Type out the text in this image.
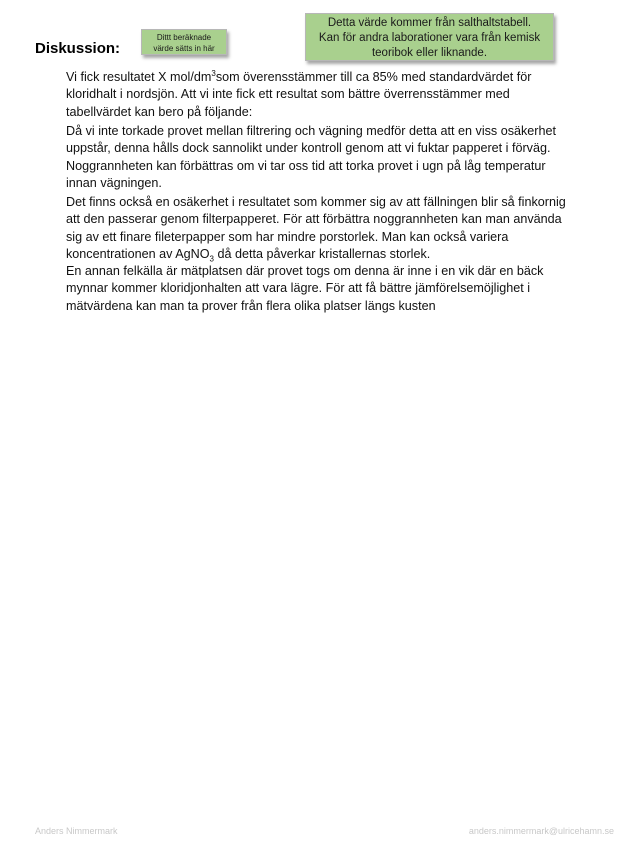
Diskussion:
Dittt beräknade
värde sätts in här
Detta värde kommer från salthaltstabell.
Kan för andra laborationer vara från kemisk
teoribok eller liknande.
Vi fick resultatet X mol/$dm^3som$ överensstämmer till ca 85% med standardvärdet för
kloridhalt i nordsjön. Att vi inte fick ett resultat som bättre överrensstämmer med
tabellvärdet kan bero på följande:
Då vi inte torkade provet mellan filtrering och vägning medför detta att en viss osäkerhet
uppstår, denna hålls dock sannolikt under kontroll genom att vi fuktar papperet i förväg.
Noggrannheten kan förbättras om vi tar oss tid att torka provet i ugn på låg temperatur
innan vägningen.
Det finns också en osäkerhet i resultatet som kommer sig av att fällningen blir så finkornig
att den passerar genom filterpapperet. För att förbättra noggrannheten kan man använda
sig av ett finare fileterpapper som har mindre porstorlek. Man kan också variera
koncentrationen av AgNO$_3$ då detta påverkar kristallernas storlek.
En annan felkälla är mätplatsen där provet togs om denna är inne i en vik där en bäck
mynnar kommer kloridjonhalten att vara lägre. För att få bättre jämförelsemöjlighet i
mätvärdena kan man ta prover från flera olika platser längs kusten
Anders Nimmermark	anders.nimmermark@ulricehamn.se
